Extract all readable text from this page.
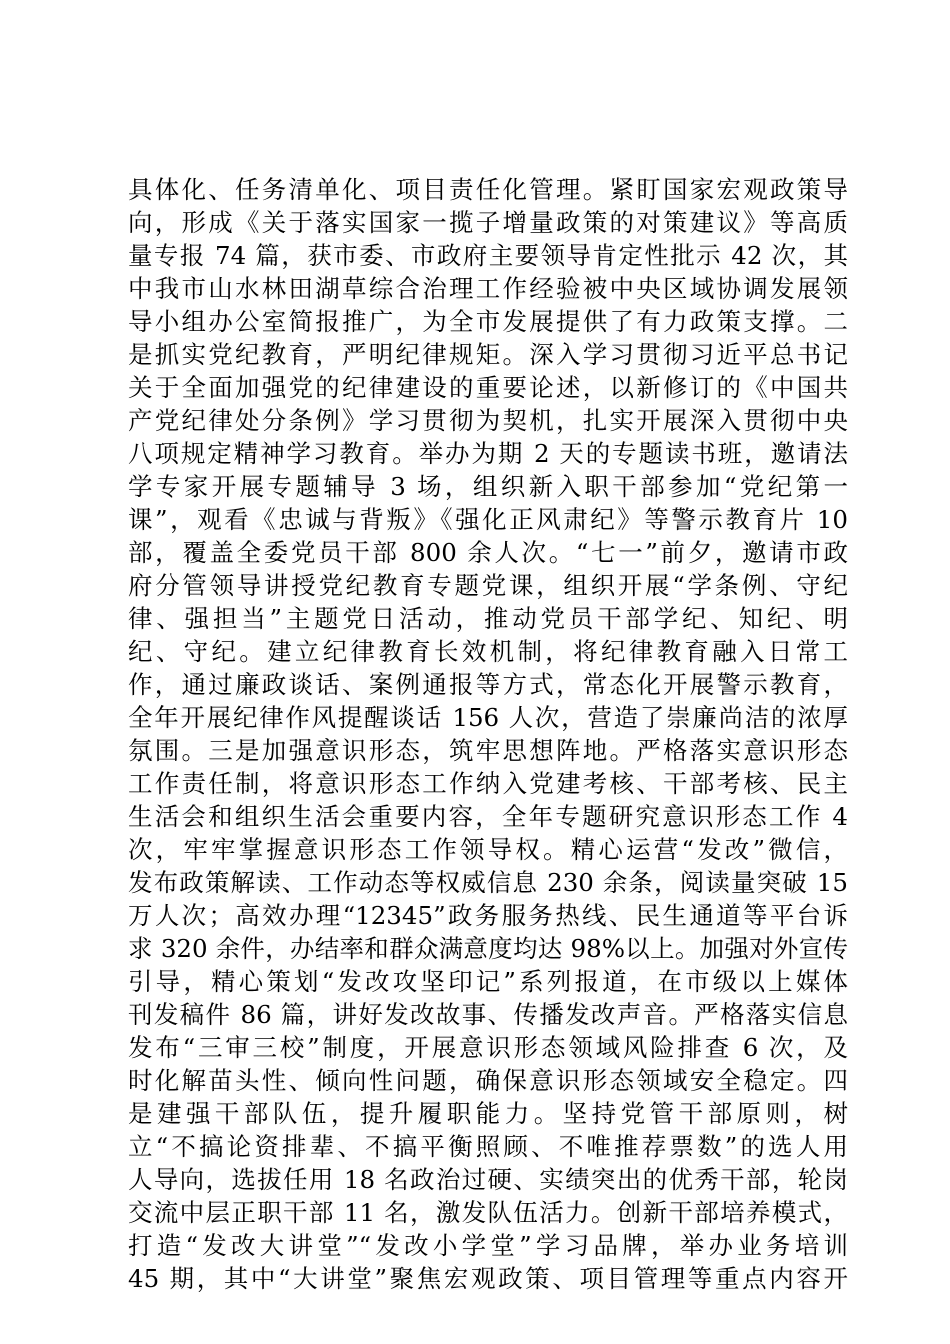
具体化、任务清单化、项目责任化管理。紧盯国家宏观政策导
向，形成《关于落实国家一揽子增量政策的对策建议》等高质
量专报 74 篇，获市委、市政府主要领导肯定性批示 42 次，其
中我市山水林田湖草综合治理工作经验被中央区域协调发展领
导小组办公室简报推广，为全市发展提供了有力政策支撑。二
是抓实党纪教育，严明纪律规矩。深入学习贯彻习近平总书记
关于全面加强党的纪律建设的重要论述，以新修订的《中国共
产党纪律处分条例》学习贯彻为契机，扎实开展深入贯彻中央
八项规定精神学习教育。举办为期 2 天的专题读书班，邀请法
学专家开展专题辅导 3 场，组织新入职干部参加“党纪第一
课”，观看《忠诚与背叛》《强化正风肃纪》等警示教育片 10
部，覆盖全委党员干部 800 余人次。“七一”前夕，邀请市政
府分管领导讲授党纪教育专题党课，组织开展“学条例、守纪
律、强担当”主题党日活动，推动党员干部学纪、知纪、明
纪、守纪。建立纪律教育长效机制，将纪律教育融入日常工
作，通过廉政谈话、案例通报等方式，常态化开展警示教育，
全年开展纪律作风提醒谈话 156 人次，营造了崇廉尚洁的浓厚
氛围。三是加强意识形态，筑牢思想阵地。严格落实意识形态
工作责任制，将意识形态工作纳入党建考核、干部考核、民主
生活会和组织生活会重要内容，全年专题研究意识形态工作 4
次，牢牢掌握意识形态工作领导权。精心运营“发改”微信，
发布政策解读、工作动态等权威信息 230 余条，阅读量突破 15
万人次；高效办理“12345”政务服务热线、民生通道等平台诉
求 320 余件，办结率和群众满意度均达 98%以上。加强对外宣传
引导，精心策划“发改攻坚印记”系列报道，在市级以上媒体
刊发稿件 86 篇，讲好发改故事、传播发改声音。严格落实信息
发布“三审三校”制度，开展意识形态领域风险排查 6 次，及
时化解苗头性、倾向性问题，确保意识形态领域安全稳定。四
是建强干部队伍，提升履职能力。坚持党管干部原则，树
立“不搞论资排辈、不搞平衡照顾、不唯推荐票数”的选人用
人导向，选拔任用 18 名政治过硬、实绩突出的优秀干部，轮岗
交流中层正职干部 11 名，激发队伍活力。创新干部培养模式，
打造“发改大讲堂”“发改小学堂”学习品牌，举办业务培训
45 期，其中“大讲堂”聚焦宏观政策、项目管理等重点内容开
